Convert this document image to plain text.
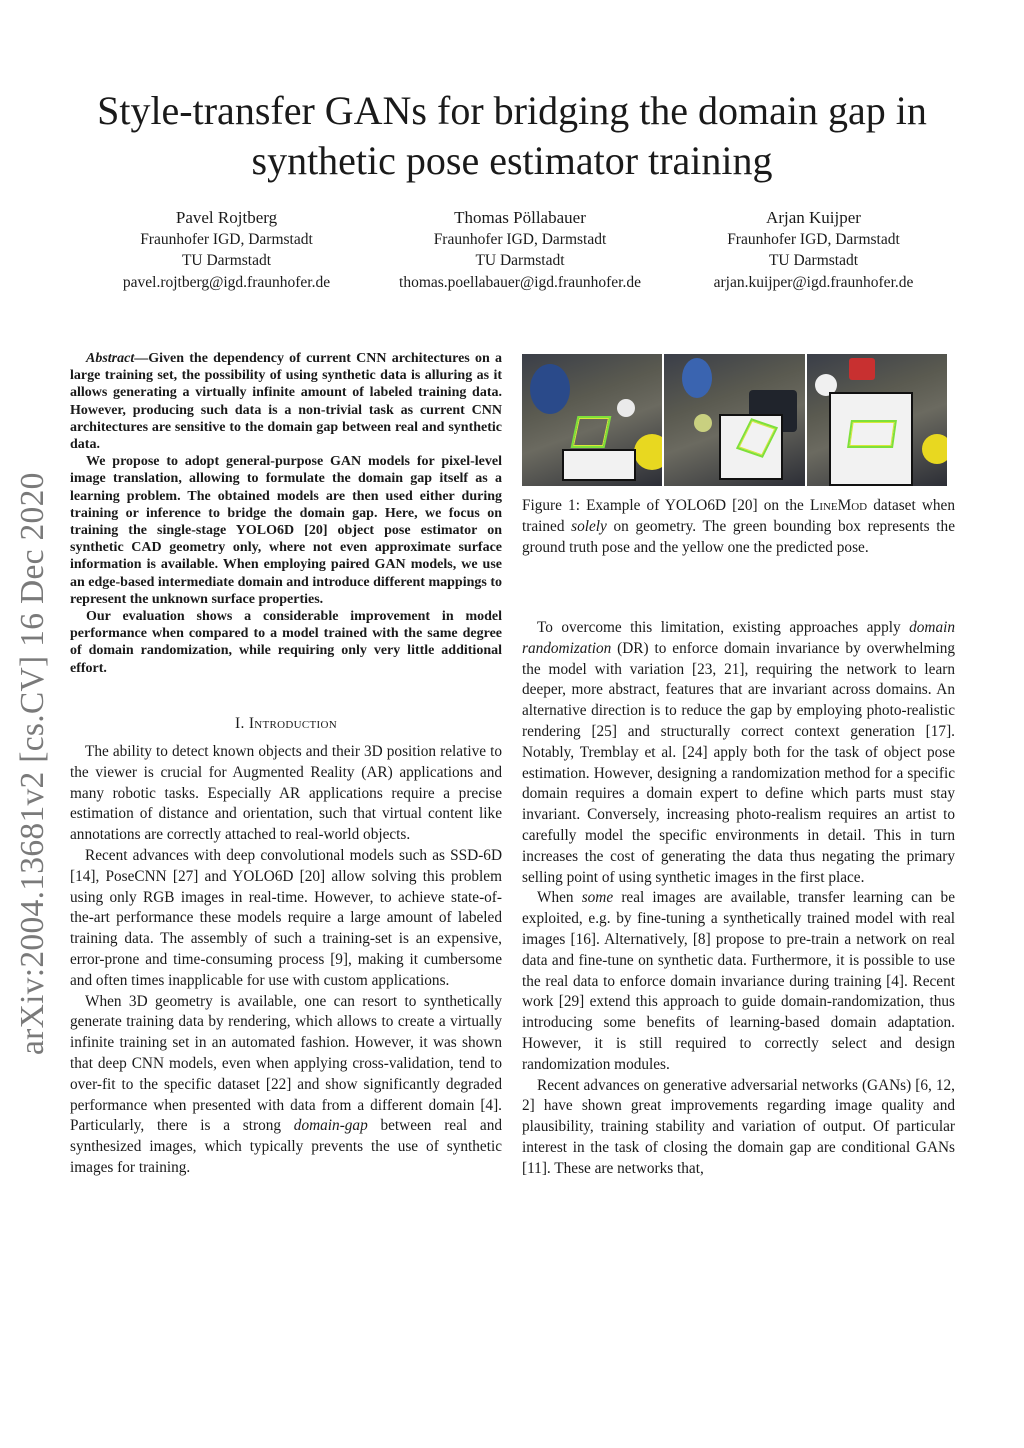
Style-transfer GANs for bridging the domain gap in synthetic pose estimator training
Pavel Rojtberg
Fraunhofer IGD, Darmstadt
TU Darmstadt
pavel.rojtberg@igd.fraunhofer.de
Thomas Pöllabauer
Fraunhofer IGD, Darmstadt
TU Darmstadt
thomas.poellabauer@igd.fraunhofer.de
Arjan Kuijper
Fraunhofer IGD, Darmstadt
TU Darmstadt
arjan.kuijper@igd.fraunhofer.de
arXiv:2004.13681v2 [cs.CV] 16 Dec 2020

Abstract—Given the dependency of current CNN architectures on a large training set, the possibility of using synthetic data is alluring as it allows generating a virtually infinite amount of labeled training data. However, producing such data is a non-trivial task as current CNN architectures are sensitive to the domain gap between real and synthetic data.

We propose to adopt general-purpose GAN models for pixel-level image translation, allowing to formulate the domain gap itself as a learning problem. The obtained models are then used either during training or inference to bridge the domain gap. Here, we focus on training the single-stage YOLO6D [20] object pose estimator on synthetic CAD geometry only, where not even approximate surface information is available. When employing paired GAN models, we use an edge-based intermediate domain and introduce different mappings to represent the unknown surface properties.

Our evaluation shows a considerable improvement in model performance when compared to a model trained with the same degree of domain randomization, while requiring only very little additional effort.

I. Introduction

The ability to detect known objects and their 3D position relative to the viewer is crucial for Augmented Reality (AR) applications and many robotic tasks. Especially AR applications require a precise estimation of distance and orientation, such that virtual content like annotations are correctly attached to real-world objects.

Recent advances with deep convolutional models such as SSD-6D [14], PoseCNN [27] and YOLO6D [20] allow solving this problem using only RGB images in real-time. However, to achieve state-of-the-art performance these models require a large amount of labeled training data. The assembly of such a training-set is an expensive, error-prone and time-consuming process [9], making it cumbersome and often times inapplicable for use with custom applications.

When 3D geometry is available, one can resort to synthetically generate training data by rendering, which allows to create a virtually infinite training set in an automated fashion. However, it was shown that deep CNN models, even when applying cross-validation, tend to over-fit to the specific dataset [22] and show significantly degraded performance when presented with data from a different domain [4]. Particularly, there is a strong domain-gap between real and synthesized images, which typically prevents the use of synthetic images for training.

Figure 1: Example of YOLO6D [20] on the LineMod dataset when trained solely on geometry. The green bounding box represents the ground truth pose and the yellow one the predicted pose.

To overcome this limitation, existing approaches apply domain randomization (DR) to enforce domain invariance by overwhelming the model with variation [23, 21], requiring the network to learn deeper, more abstract, features that are invariant across domains. An alternative direction is to reduce the gap by employing photo-realistic rendering [25] and structurally correct context generation [17]. Notably, Tremblay et al. [24] apply both for the task of object pose estimation. However, designing a randomization method for a specific domain requires a domain expert to define which parts must stay invariant. Conversely, increasing photo-realism requires an artist to carefully model the specific environments in detail. This in turn increases the cost of generating the data thus negating the primary selling point of using synthetic images in the first place.

When some real images are available, transfer learning can be exploited, e.g. by fine-tuning a synthetically trained model with real images [16]. Alternatively, [8] propose to pre-train a network on real data and fine-tune on synthetic data. Furthermore, it is possible to use the real data to enforce domain invariance during training [4]. Recent work [29] extend this approach to guide domain-randomization, thus introducing some benefits of learning-based domain adaptation. However, it is still required to correctly select and design randomization modules.

Recent advances on generative adversarial networks (GANs) [6, 12, 2] have shown great improvements regarding image quality and plausibility, training stability and variation of output. Of particular interest in the task of closing the domain gap are conditional GANs [11]. These are networks that,
